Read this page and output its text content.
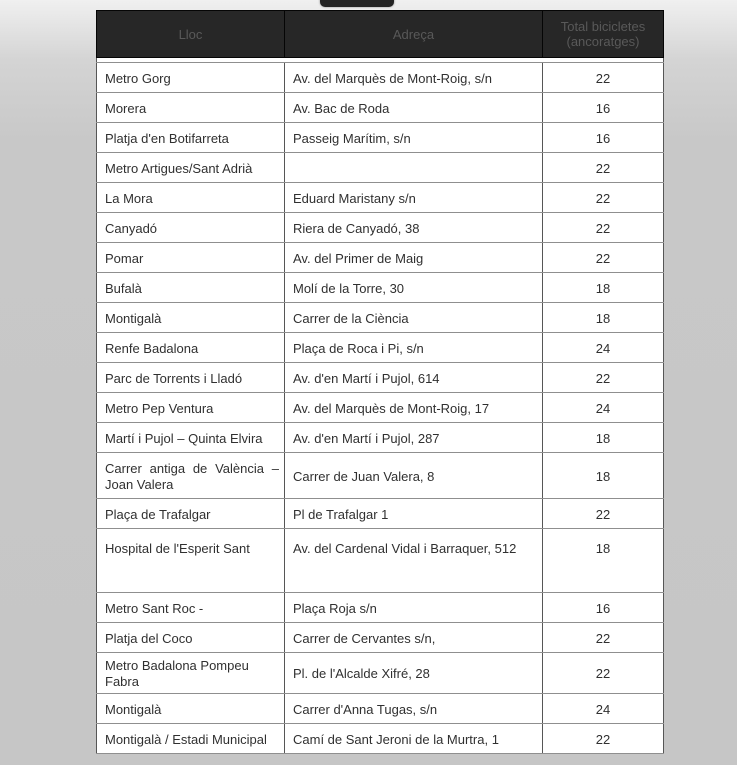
Lloc	Adreça	Total bicicletes
(ancoratges)

Metro Gorg	Av. del Marquès de Mont-Roig, s/n	22
Morera	Av. Bac de Roda	16
Platja d'en Botifarreta	Passeig Marítim, s/n	16
Metro Artigues/Sant Adrià		22
La Mora	Eduard Maristany s/n	22
Canyadó	Riera de Canyadó, 38	22
Pomar	Av. del Primer de Maig	22
Bufalà	Molí de la Torre, 30	18
Montigalà	Carrer de la Ciència	18
Renfe Badalona	Plaça de Roca i Pi, s/n	24
Parc de Torrents i Lladó	Av. d'en Martí i Pujol, 614	22
Metro Pep Ventura	Av. del Marquès de Mont-Roig, 17	24
Martí i Pujol – Quinta Elvira	Av. d'en Martí i Pujol, 287	18
Carrer antiga de València – Joan Valera	Carrer de Juan Valera, 8	18
Plaça de Trafalgar	Pl de Trafalgar 1	22
Hospital de l'Esperit Sant	Av. del Cardenal Vidal i Barraquer, 512	18
Metro Sant Roc -	Plaça Roja s/n	16
Platja del Coco	Carrer de Cervantes s/n,	22
Metro Badalona Pompeu Fabra	Pl. de l'Alcalde Xifré, 28	22
Montigalà	Carrer d'Anna Tugas, s/n	24
Montigalà / Estadi Municipal	Camí de Sant Jeroni de la Murtra, 1	22
